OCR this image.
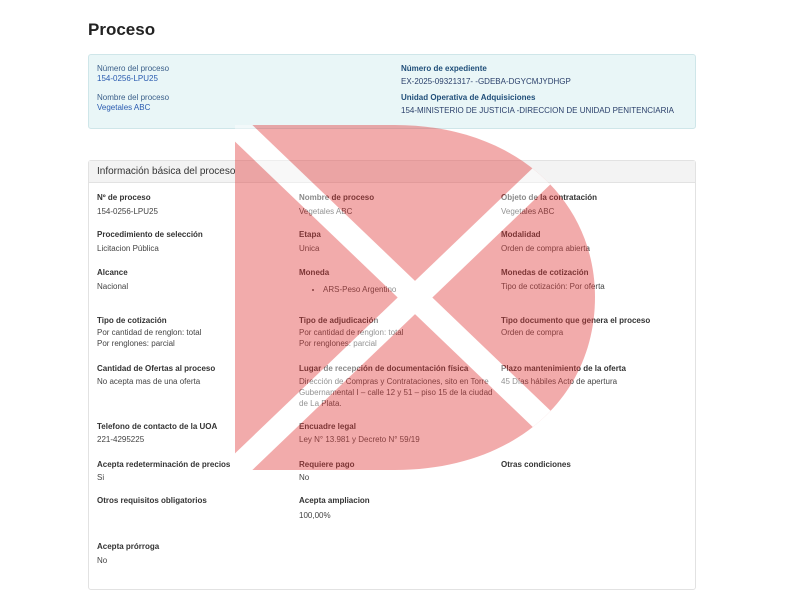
Proceso
Número del proceso
154-0256-LPU25
Nombre del proceso
Vegetales ABC
Número de expediente
EX-2025-09321317- -GDEBA-DGYCMJYDHGP
Unidad Operativa de Adquisiciones
154-MINISTERIO DE JUSTICIA -DIRECCION DE UNIDAD PENITENCIARIA
Información básica del proceso
Nº de proceso
154-0256-LPU25
Nombre de proceso
Vegetales ABC
Objeto de la contratación
Vegetales ABC
Procedimiento de selección
Licitacion Pública
Etapa
Unica
Modalidad
Orden de compra abierta
Alcance
Nacional
Moneda
• ARS-Peso Argentino
Monedas de cotización
Tipo de cotización: Por oferta
Tipo de cotización
Por cantidad de renglon: total
Por renglones: parcial
Tipo de adjudicación
Por cantidad de renglon: total
Por renglones: parcial
Tipo documento que genera el proceso
Orden de compra
Cantidad de Ofertas al proceso
No acepta mas de una oferta
Lugar de recepción de documentación física
Dirección de Compras y Contrataciones, sito en Torre Gubernamental I – calle 12 y 51 – piso 15 de la ciudad de La Plata.
Plazo mantenimiento de la oferta
45 Días hábiles Acto de apertura
Telefono de contacto de la UOA
221-4295225
Encuadre legal
Ley N° 13.981 y Decreto N° 59/19
Acepta redeterminación de precios
Si
Requiere pago
No
Otras condiciones
Otros requisitos obligatorios	Acepta ampliacion
100,00%
Acepta prórroga
No
